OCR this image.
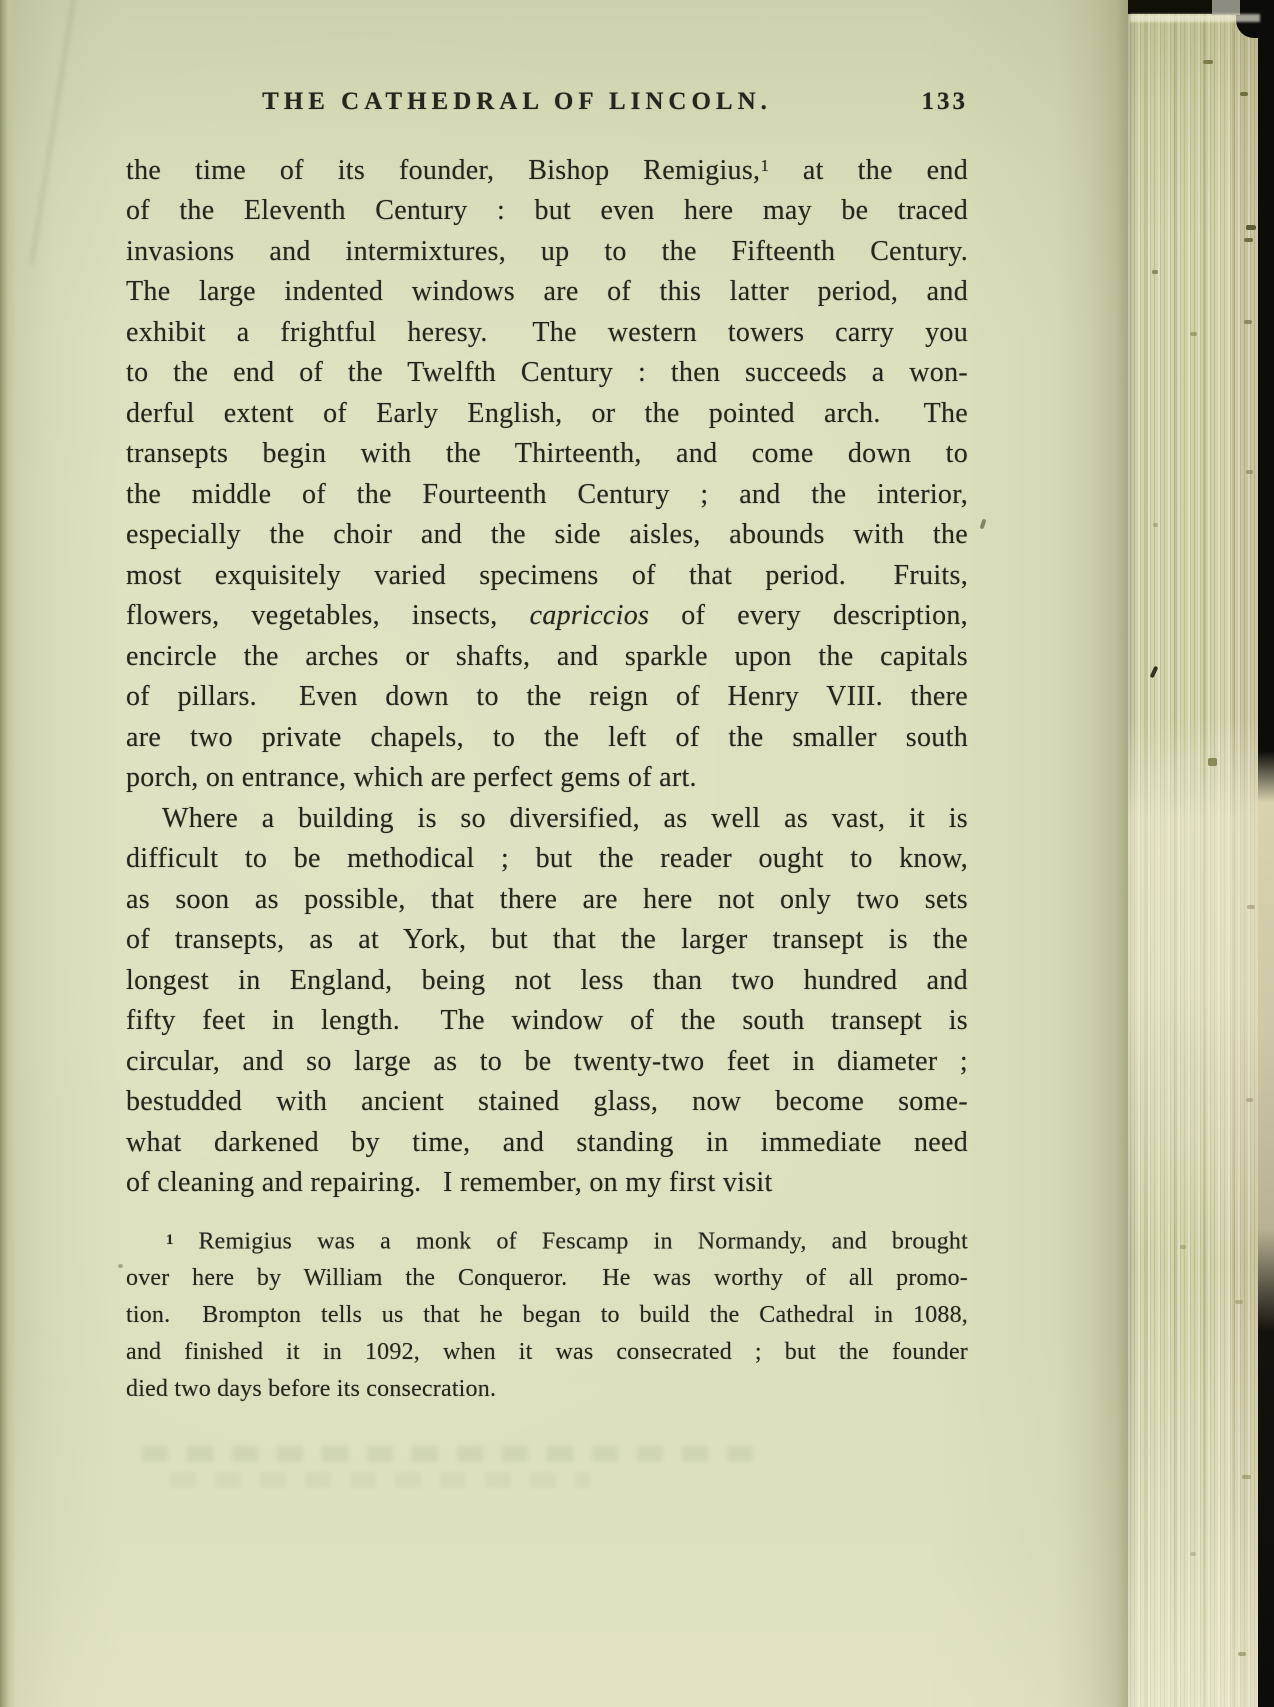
THE CATHEDRAL OF LINCOLN.	133
the time of its founder, Bishop Remigius,$^1$ at the end
of the Eleventh Century : but even here may be traced
invasions and intermixtures, up to the Fifteenth Century.
The large indented windows are of this latter period, and
exhibit a frightful heresy.  The western towers carry you
to the end of the Twelfth Century : then succeeds a won-
derful extent of Early English, or the pointed arch.  The
transepts begin with the Thirteenth, and come down to
the middle of the Fourteenth Century ; and the interior,
especially the choir and the side aisles, abounds with the
most exquisitely varied specimens of that period.  Fruits,
flowers, vegetables, insects, capriccios of every description,
encircle the arches or shafts, and sparkle upon the capitals
of pillars.  Even down to the reign of Henry VIII. there
are two private chapels, to the left of the smaller south
porch, on entrance, which are perfect gems of art.
Where a building is so diversified, as well as vast, it is
difficult to be methodical ; but the reader ought to know,
as soon as possible, that there are here not only two sets
of transepts, as at York, but that the larger transept is the
longest in England, being not less than two hundred and
fifty feet in length.  The window of the south transept is
circular, and so large as to be twenty-two feet in diameter ;
bestudded with ancient stained glass, now become some-
what darkened by time, and standing in immediate need
of cleaning and repairing.  I remember, on my first visit
$^1$ Remigius was a monk of Fescamp in Normandy, and brought
over here by William the Conqueror.  He was worthy of all promo-
tion.  Brompton tells us that he began to build the Cathedral in 1088,
and finished it in 1092, when it was consecrated ; but the founder
died two days before its consecration.
